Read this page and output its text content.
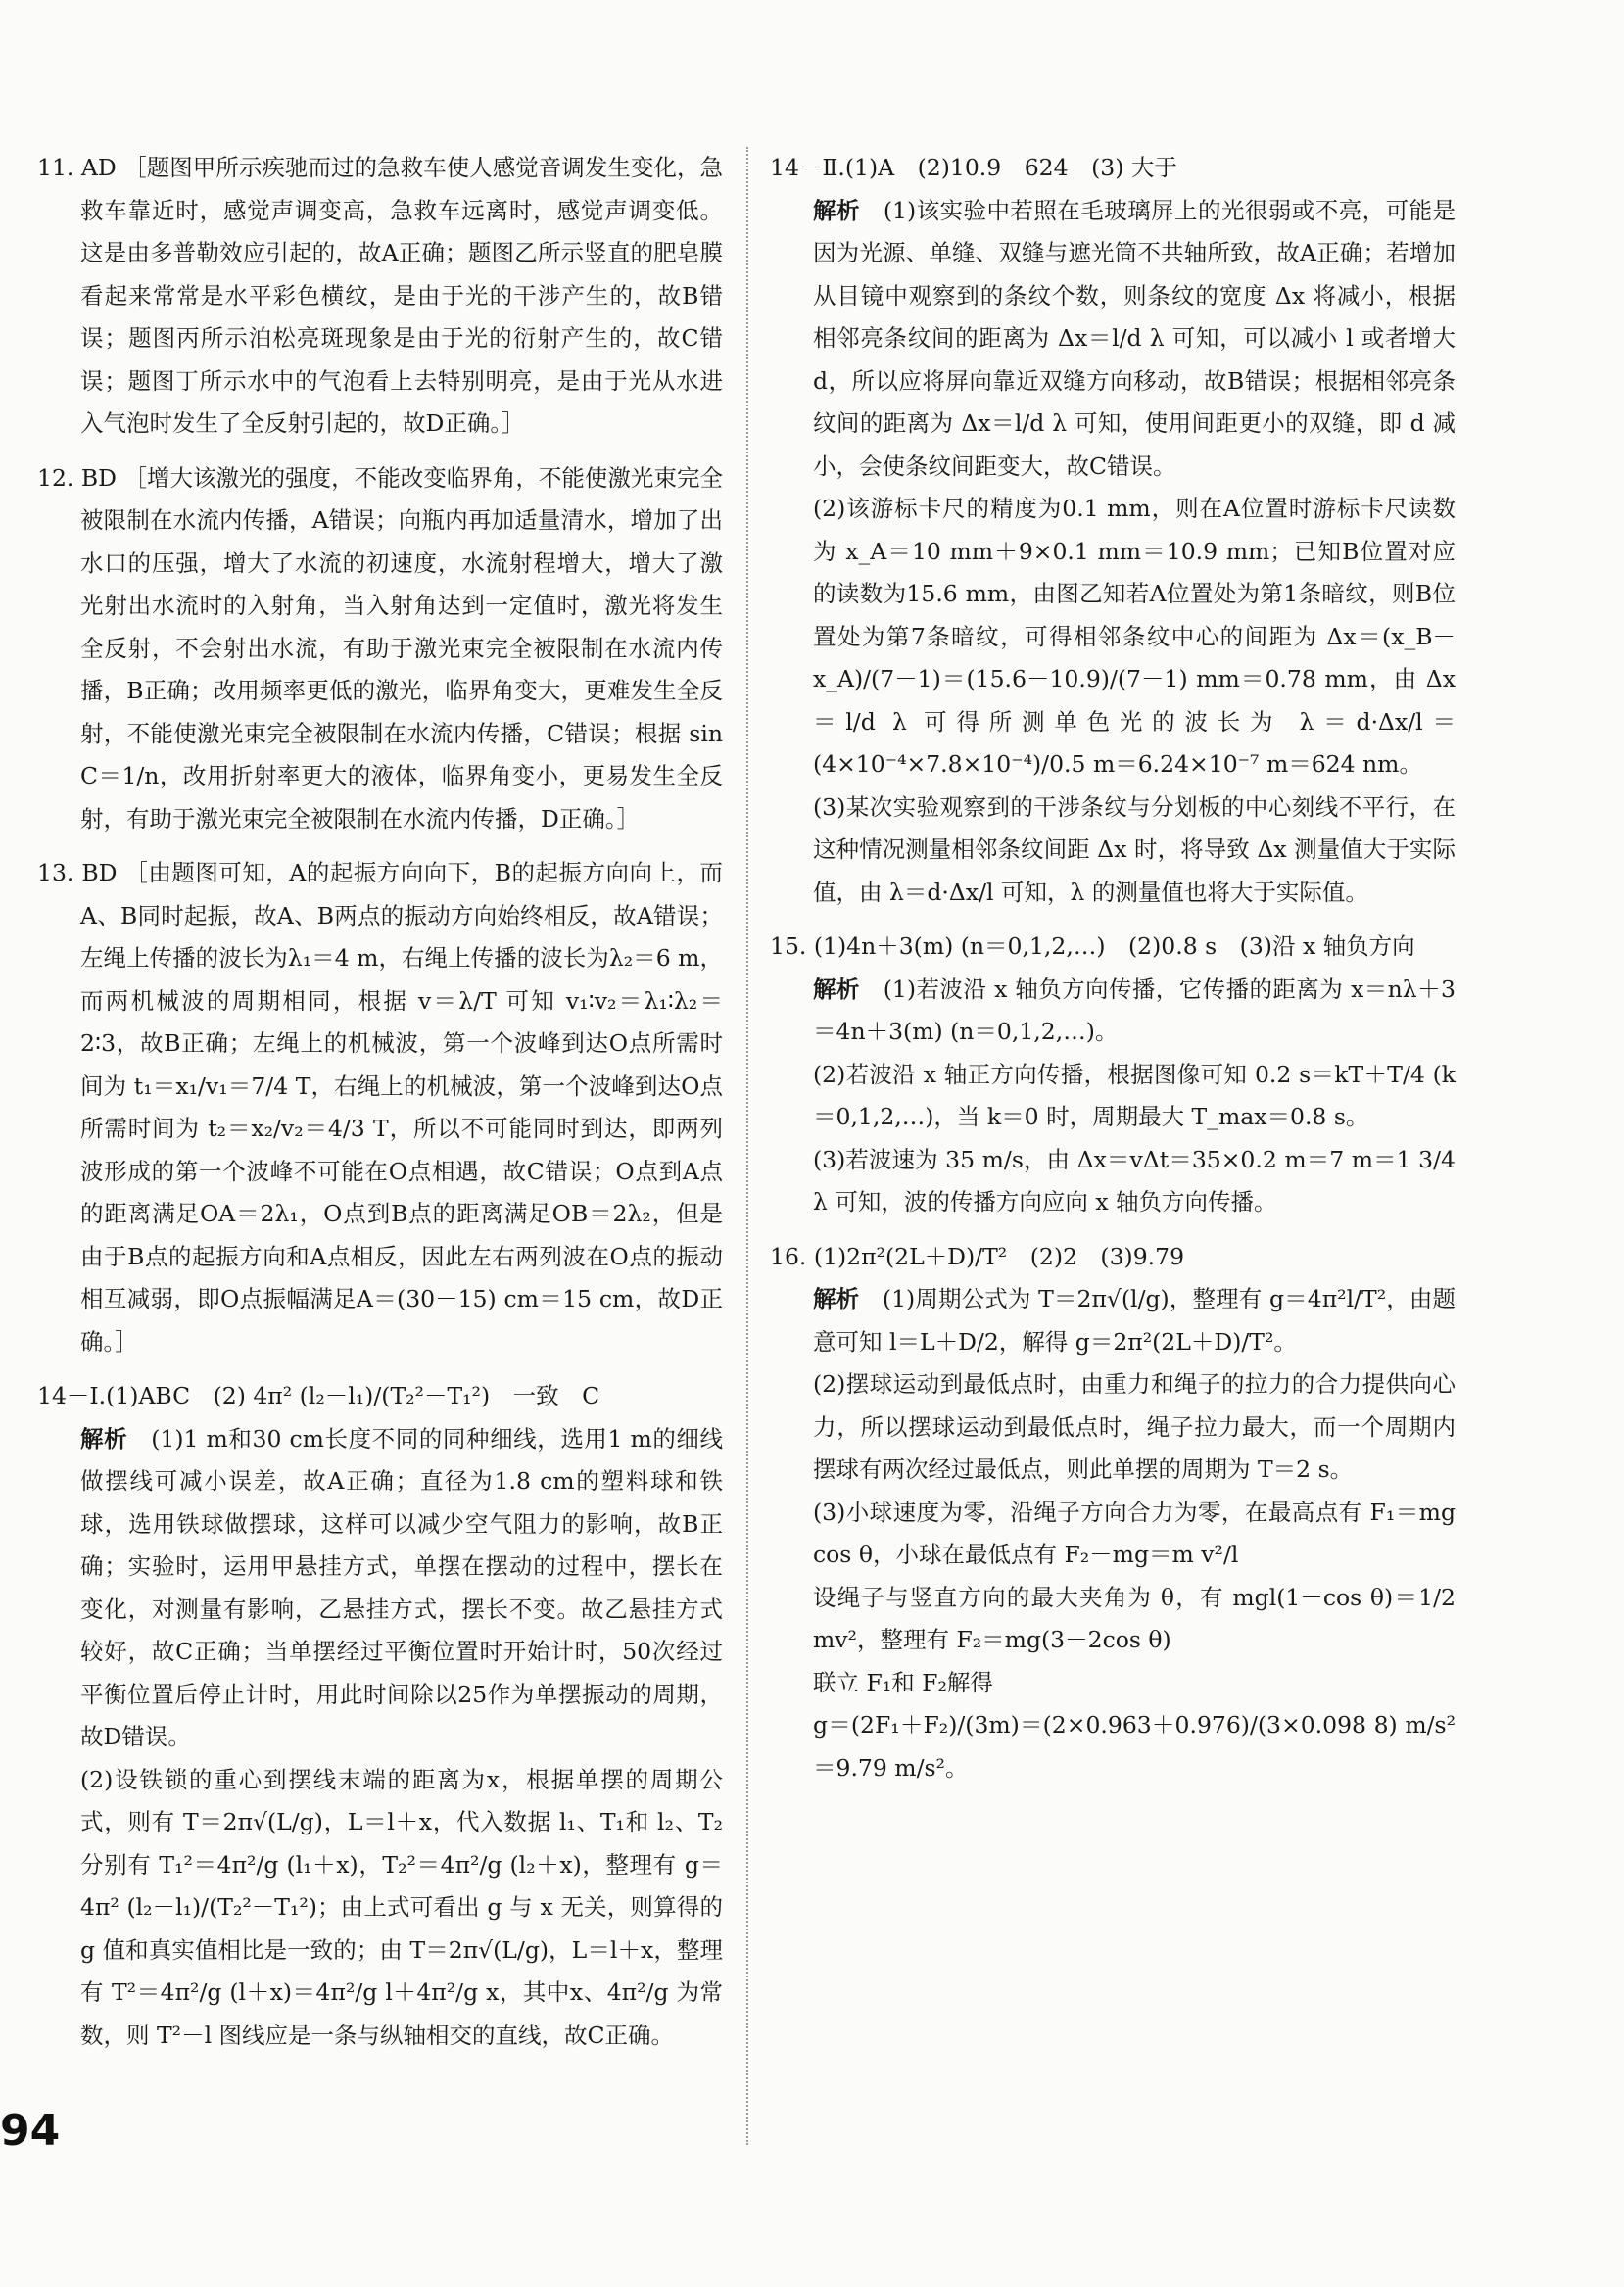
11. AD ［题图甲所示疾驰而过的急救车使人感觉音调发生变化，急救车靠近时，感觉声调变高，急救车远离时，感觉声调变低。这是由多普勒效应引起的，故A正确；题图乙所示竖直的肥皂膜看起来常常是水平彩色横纹，是由于光的干涉产生的，故B错误；题图丙所示泊松亮斑现象是由于光的衍射产生的，故C错误；题图丁所示水中的气泡看上去特别明亮，是由于光从水进入气泡时发生了全反射引起的，故D正确。］

12. BD ［增大该激光的强度，不能改变临界角，不能使激光束完全被限制在水流内传播，A错误；向瓶内再加适量清水，增加了出水口的压强，增大了水流的初速度，水流射程增大，增大了激光射出水流时的入射角，当入射角达到一定值时，激光将发生全反射，不会射出水流，有助于激光束完全被限制在水流内传播，B正确；改用频率更低的激光，临界角变大，更难发生全反射，不能使激光束完全被限制在水流内传播，C错误；根据 sin C＝1/n，改用折射率更大的液体，临界角变小，更易发生全反射，有助于激光束完全被限制在水流内传播，D正确。］

13. BD ［由题图可知，A的起振方向向下，B的起振方向向上，而A、B同时起振，故A、B两点的振动方向始终相反，故A错误；左绳上传播的波长为λ₁＝4 m，右绳上传播的波长为λ₂＝6 m，而两机械波的周期相同，根据 v＝λ/T 可知 v₁∶v₂＝λ₁∶λ₂＝2∶3，故B正确；左绳上的机械波，第一个波峰到达O点所需时间为 t₁＝x₁/v₁＝7/4 T，右绳上的机械波，第一个波峰到达O点所需时间为 t₂＝x₂/v₂＝4/3 T，所以不可能同时到达，即两列波形成的第一个波峰不可能在O点相遇，故C错误；O点到A点的距离满足OA＝2λ₁，O点到B点的距离满足OB＝2λ₂，但是由于B点的起振方向和A点相反，因此左右两列波在O点的振动相互减弱，即O点振幅满足A＝(30－15) cm＝15 cm，故D正确。］

14－Ⅰ.(1)ABC　(2) 4π² (l₂－l₁)/(T₂²－T₁²)　一致　C

解析　 (1)1 m和30 cm长度不同的同种细线，选用1 m的细线做摆线可减小误差，故A正确；直径为1.8 cm的塑料球和铁球，选用铁球做摆球，这样可以减少空气阻力的影响，故B正确；实验时，运用甲悬挂方式，单摆在摆动的过程中，摆长在变化，对测量有影响，乙悬挂方式，摆长不变。故乙悬挂方式较好，故C正确；当单摆经过平衡位置时开始计时，50次经过平衡位置后停止计时，用此时间除以25作为单摆振动的周期，故D错误。

(2)设铁锁的重心到摆线末端的距离为x，根据单摆的周期公式，则有 T＝2π√(L/g)，L＝l＋x，代入数据 l₁、T₁和 l₂、T₂分别有 T₁²＝4π²/g (l₁＋x)，T₂²＝4π²/g (l₂＋x)，整理有 g＝4π² (l₂－l₁)/(T₂²－T₁²)；由上式可看出 g 与 x 无关，则算得的 g 值和真实值相比是一致的；由 T＝2π√(L/g)，L＝l＋x，整理有 T²＝4π²/g (l＋x)＝4π²/g l＋4π²/g x，其中x、4π²/g 为常数，则 T²－l 图线应是一条与纵轴相交的直线，故C正确。

14－Ⅱ.(1)A　(2)10.9　624　(3) 大于

解析　 (1)该实验中若照在毛玻璃屏上的光很弱或不亮，可能是因为光源、单缝、双缝与遮光筒不共轴所致，故A正确；若增加从目镜中观察到的条纹个数，则条纹的宽度 Δx 将减小，根据相邻亮条纹间的距离为 Δx＝l/d λ 可知，可以减小 l 或者增大 d，所以应将屏向靠近双缝方向移动，故B错误；根据相邻亮条纹间的距离为 Δx＝l/d λ 可知，使用间距更小的双缝，即 d 减小，会使条纹间距变大，故C错误。

(2)该游标卡尺的精度为0.1 mm，则在A位置时游标卡尺读数为 x_A＝10 mm＋9×0.1 mm＝10.9 mm；已知B位置对应的读数为15.6 mm，由图乙知若A位置处为第1条暗纹，则B位置处为第7条暗纹，可得相邻条纹中心的间距为 Δx＝(x_B－x_A)/(7－1)＝(15.6－10.9)/(7－1) mm＝0.78 mm，由 Δx＝l/d λ 可得所测单色光的波长为 λ＝d·Δx/l＝(4×10⁻⁴×7.8×10⁻⁴)/0.5 m＝6.24×10⁻⁷ m＝624 nm。

(3)某次实验观察到的干涉条纹与分划板的中心刻线不平行，在这种情况测量相邻条纹间距 Δx 时，将导致 Δx 测量值大于实际值，由 λ＝d·Δx/l 可知，λ 的测量值也将大于实际值。

15. (1)4n＋3(m) (n＝0,1,2,…)　(2)0.8 s　(3)沿 x 轴负方向

解析　 (1)若波沿 x 轴负方向传播，它传播的距离为 x＝nλ＋3＝4n＋3(m) (n＝0,1,2,…)。

(2)若波沿 x 轴正方向传播，根据图像可知 0.2 s＝kT＋T/4 (k＝0,1,2,…)，当 k＝0 时，周期最大 T_max＝0.8 s。

(3)若波速为 35 m/s，由 Δx＝vΔt＝35×0.2 m＝7 m＝1 3/4 λ 可知，波的传播方向应向 x 轴负方向传播。

16. (1)2π²(2L＋D)/T²　(2)2　(3)9.79

解析　 (1)周期公式为 T＝2π√(l/g)，整理有 g＝4π²l/T²，由题意可知 l＝L＋D/2，解得 g＝2π²(2L＋D)/T²。

(2)摆球运动到最低点时，由重力和绳子的拉力的合力提供向心力，所以摆球运动到最低点时，绳子拉力最大，而一个周期内摆球有两次经过最低点，则此单摆的周期为 T＝2 s。

(3)小球速度为零，沿绳子方向合力为零，在最高点有 F₁＝mg cos θ，小球在最低点有 F₂－mg＝m v²/l

设绳子与竖直方向的最大夹角为 θ，有 mgl(1－cos θ)＝1/2 mv²，整理有 F₂＝mg(3－2cos θ)

联立 F₁和 F₂解得

g＝(2F₁＋F₂)/(3m)＝(2×0.963＋0.976)/(3×0.098 8) m/s²＝9.79 m/s²。

94
